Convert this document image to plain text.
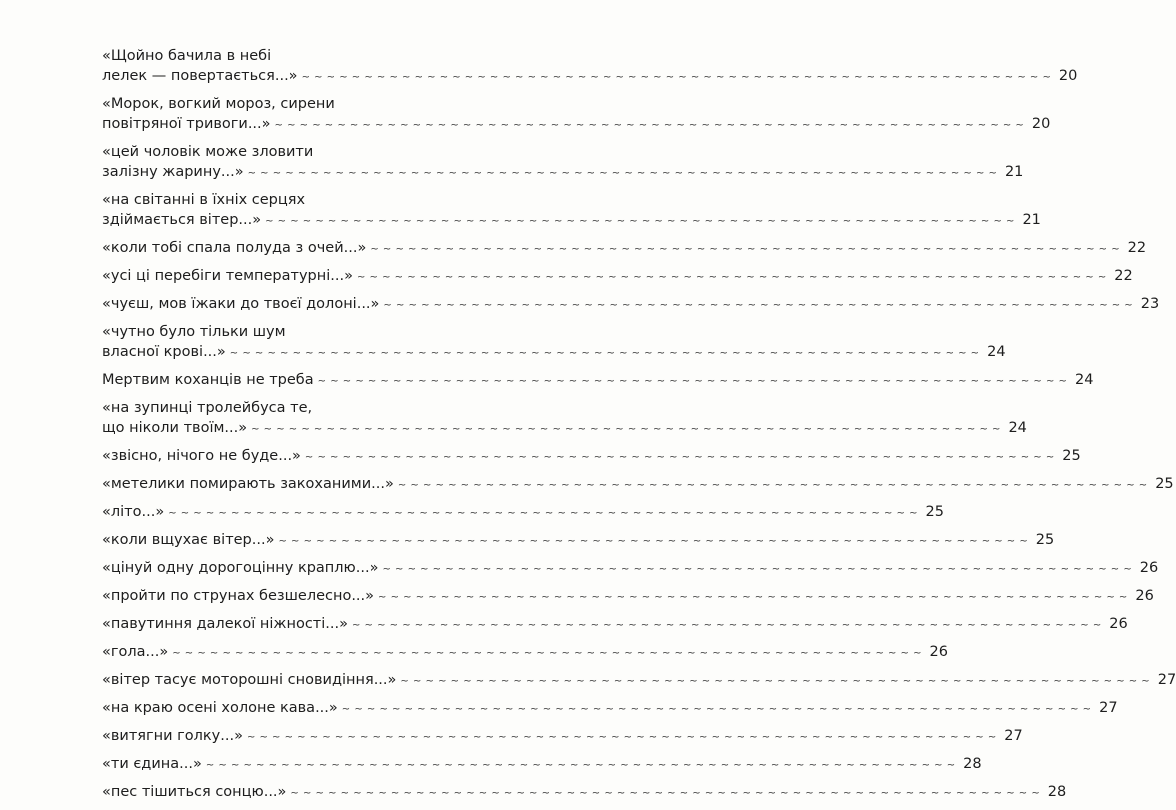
«Щойно бачила в небі
лелек — повертається...» ~ ~ ~ ~ ~ ~ ~ ~ ~ ~ ~ ~ ~ ~ ~ ~ ~ ~ ~ ~ ~ ~ ~ ~ ~ ~ ~ ~ ~ ~ ~ ~ ~ ~ ~ ~ ~ ~ ~ ~ ~ ~ ~ ~ ~ ~ ~ ~ ~ ~ ~ ~ ~ ~ ~ ~ ~ ~ ~ ~ 20
«Морок, вогкий мороз, сирени
повітряної тривоги...» ~ ~ ~ ~ ~ ~ ~ ~ ~ ~ ~ ~ ~ ~ ~ ~ ~ ~ ~ ~ ~ ~ ~ ~ ~ ~ ~ ~ ~ ~ ~ ~ ~ ~ ~ ~ ~ ~ ~ ~ ~ ~ ~ ~ ~ ~ ~ ~ ~ ~ ~ ~ ~ ~ ~ ~ ~ ~ ~ ~ 20
«цей чоловік може зловити
залізну жарину...» ~ ~ ~ ~ ~ ~ ~ ~ ~ ~ ~ ~ ~ ~ ~ ~ ~ ~ ~ ~ ~ ~ ~ ~ ~ ~ ~ ~ ~ ~ ~ ~ ~ ~ ~ ~ ~ ~ ~ ~ ~ ~ ~ ~ ~ ~ ~ ~ ~ ~ ~ ~ ~ ~ ~ ~ ~ ~ ~ ~ 21
«на світанні в їхніх серцях
здіймається вітер...» ~ ~ ~ ~ ~ ~ ~ ~ ~ ~ ~ ~ ~ ~ ~ ~ ~ ~ ~ ~ ~ ~ ~ ~ ~ ~ ~ ~ ~ ~ ~ ~ ~ ~ ~ ~ ~ ~ ~ ~ ~ ~ ~ ~ ~ ~ ~ ~ ~ ~ ~ ~ ~ ~ ~ ~ ~ ~ ~ ~ 21
«коли тобі спала полуда з очей...» ~ ~ ~ ~ ~ ~ ~ ~ ~ ~ ~ ~ ~ ~ ~ ~ ~ ~ ~ ~ ~ ~ ~ ~ ~ ~ ~ ~ ~ ~ ~ ~ ~ ~ ~ ~ ~ ~ ~ ~ ~ ~ ~ ~ ~ ~ ~ ~ ~ ~ ~ ~ ~ ~ ~ ~ ~ ~ ~ ~ 22
«усі ці перебіги температурні...» ~ ~ ~ ~ ~ ~ ~ ~ ~ ~ ~ ~ ~ ~ ~ ~ ~ ~ ~ ~ ~ ~ ~ ~ ~ ~ ~ ~ ~ ~ ~ ~ ~ ~ ~ ~ ~ ~ ~ ~ ~ ~ ~ ~ ~ ~ ~ ~ ~ ~ ~ ~ ~ ~ ~ ~ ~ ~ ~ ~ 22
«чуєш, мов їжаки до твоєї долоні...» ~ ~ ~ ~ ~ ~ ~ ~ ~ ~ ~ ~ ~ ~ ~ ~ ~ ~ ~ ~ ~ ~ ~ ~ ~ ~ ~ ~ ~ ~ ~ ~ ~ ~ ~ ~ ~ ~ ~ ~ ~ ~ ~ ~ ~ ~ ~ ~ ~ ~ ~ ~ ~ ~ ~ ~ ~ ~ ~ ~ 23
«чутно було тільки шум
власної крові...» ~ ~ ~ ~ ~ ~ ~ ~ ~ ~ ~ ~ ~ ~ ~ ~ ~ ~ ~ ~ ~ ~ ~ ~ ~ ~ ~ ~ ~ ~ ~ ~ ~ ~ ~ ~ ~ ~ ~ ~ ~ ~ ~ ~ ~ ~ ~ ~ ~ ~ ~ ~ ~ ~ ~ ~ ~ ~ ~ ~ 24
Мертвим коханців не треба ~ ~ ~ ~ ~ ~ ~ ~ ~ ~ ~ ~ ~ ~ ~ ~ ~ ~ ~ ~ ~ ~ ~ ~ ~ ~ ~ ~ ~ ~ ~ ~ ~ ~ ~ ~ ~ ~ ~ ~ ~ ~ ~ ~ ~ ~ ~ ~ ~ ~ ~ ~ ~ ~ ~ ~ ~ ~ ~ ~ 24
«на зупинці тролейбуса те,
що ніколи твоїм...» ~ ~ ~ ~ ~ ~ ~ ~ ~ ~ ~ ~ ~ ~ ~ ~ ~ ~ ~ ~ ~ ~ ~ ~ ~ ~ ~ ~ ~ ~ ~ ~ ~ ~ ~ ~ ~ ~ ~ ~ ~ ~ ~ ~ ~ ~ ~ ~ ~ ~ ~ ~ ~ ~ ~ ~ ~ ~ ~ ~ 24
«звісно, нічого не буде...» ~ ~ ~ ~ ~ ~ ~ ~ ~ ~ ~ ~ ~ ~ ~ ~ ~ ~ ~ ~ ~ ~ ~ ~ ~ ~ ~ ~ ~ ~ ~ ~ ~ ~ ~ ~ ~ ~ ~ ~ ~ ~ ~ ~ ~ ~ ~ ~ ~ ~ ~ ~ ~ ~ ~ ~ ~ ~ ~ ~ 25
«метелики помирають закоханими...» ~ ~ ~ ~ ~ ~ ~ ~ ~ ~ ~ ~ ~ ~ ~ ~ ~ ~ ~ ~ ~ ~ ~ ~ ~ ~ ~ ~ ~ ~ ~ ~ ~ ~ ~ ~ ~ ~ ~ ~ ~ ~ ~ ~ ~ ~ ~ ~ ~ ~ ~ ~ ~ ~ ~ ~ ~ ~ ~ ~ 25
«літо...» ~ ~ ~ ~ ~ ~ ~ ~ ~ ~ ~ ~ ~ ~ ~ ~ ~ ~ ~ ~ ~ ~ ~ ~ ~ ~ ~ ~ ~ ~ ~ ~ ~ ~ ~ ~ ~ ~ ~ ~ ~ ~ ~ ~ ~ ~ ~ ~ ~ ~ ~ ~ ~ ~ ~ ~ ~ ~ ~ ~ 25
«коли вщухає вітер...» ~ ~ ~ ~ ~ ~ ~ ~ ~ ~ ~ ~ ~ ~ ~ ~ ~ ~ ~ ~ ~ ~ ~ ~ ~ ~ ~ ~ ~ ~ ~ ~ ~ ~ ~ ~ ~ ~ ~ ~ ~ ~ ~ ~ ~ ~ ~ ~ ~ ~ ~ ~ ~ ~ ~ ~ ~ ~ ~ ~ 25
«цінуй одну дорогоцінну краплю...» ~ ~ ~ ~ ~ ~ ~ ~ ~ ~ ~ ~ ~ ~ ~ ~ ~ ~ ~ ~ ~ ~ ~ ~ ~ ~ ~ ~ ~ ~ ~ ~ ~ ~ ~ ~ ~ ~ ~ ~ ~ ~ ~ ~ ~ ~ ~ ~ ~ ~ ~ ~ ~ ~ ~ ~ ~ ~ ~ ~ 26
«пройти по струнах безшелесно...» ~ ~ ~ ~ ~ ~ ~ ~ ~ ~ ~ ~ ~ ~ ~ ~ ~ ~ ~ ~ ~ ~ ~ ~ ~ ~ ~ ~ ~ ~ ~ ~ ~ ~ ~ ~ ~ ~ ~ ~ ~ ~ ~ ~ ~ ~ ~ ~ ~ ~ ~ ~ ~ ~ ~ ~ ~ ~ ~ ~ 26
«павутиння далекої ніжності...» ~ ~ ~ ~ ~ ~ ~ ~ ~ ~ ~ ~ ~ ~ ~ ~ ~ ~ ~ ~ ~ ~ ~ ~ ~ ~ ~ ~ ~ ~ ~ ~ ~ ~ ~ ~ ~ ~ ~ ~ ~ ~ ~ ~ ~ ~ ~ ~ ~ ~ ~ ~ ~ ~ ~ ~ ~ ~ ~ ~ 26
«гола...» ~ ~ ~ ~ ~ ~ ~ ~ ~ ~ ~ ~ ~ ~ ~ ~ ~ ~ ~ ~ ~ ~ ~ ~ ~ ~ ~ ~ ~ ~ ~ ~ ~ ~ ~ ~ ~ ~ ~ ~ ~ ~ ~ ~ ~ ~ ~ ~ ~ ~ ~ ~ ~ ~ ~ ~ ~ ~ ~ ~ 26
«вітер тасує моторошні сновидіння...» ~ ~ ~ ~ ~ ~ ~ ~ ~ ~ ~ ~ ~ ~ ~ ~ ~ ~ ~ ~ ~ ~ ~ ~ ~ ~ ~ ~ ~ ~ ~ ~ ~ ~ ~ ~ ~ ~ ~ ~ ~ ~ ~ ~ ~ ~ ~ ~ ~ ~ ~ ~ ~ ~ ~ ~ ~ ~ ~ ~ 27
«на краю осені холоне кава...» ~ ~ ~ ~ ~ ~ ~ ~ ~ ~ ~ ~ ~ ~ ~ ~ ~ ~ ~ ~ ~ ~ ~ ~ ~ ~ ~ ~ ~ ~ ~ ~ ~ ~ ~ ~ ~ ~ ~ ~ ~ ~ ~ ~ ~ ~ ~ ~ ~ ~ ~ ~ ~ ~ ~ ~ ~ ~ ~ ~ 27
«витягни голку...» ~ ~ ~ ~ ~ ~ ~ ~ ~ ~ ~ ~ ~ ~ ~ ~ ~ ~ ~ ~ ~ ~ ~ ~ ~ ~ ~ ~ ~ ~ ~ ~ ~ ~ ~ ~ ~ ~ ~ ~ ~ ~ ~ ~ ~ ~ ~ ~ ~ ~ ~ ~ ~ ~ ~ ~ ~ ~ ~ ~ 27
«ти єдина...» ~ ~ ~ ~ ~ ~ ~ ~ ~ ~ ~ ~ ~ ~ ~ ~ ~ ~ ~ ~ ~ ~ ~ ~ ~ ~ ~ ~ ~ ~ ~ ~ ~ ~ ~ ~ ~ ~ ~ ~ ~ ~ ~ ~ ~ ~ ~ ~ ~ ~ ~ ~ ~ ~ ~ ~ ~ ~ ~ ~ 28
«пес тішиться сонцю...» ~ ~ ~ ~ ~ ~ ~ ~ ~ ~ ~ ~ ~ ~ ~ ~ ~ ~ ~ ~ ~ ~ ~ ~ ~ ~ ~ ~ ~ ~ ~ ~ ~ ~ ~ ~ ~ ~ ~ ~ ~ ~ ~ ~ ~ ~ ~ ~ ~ ~ ~ ~ ~ ~ ~ ~ ~ ~ ~ ~ 28
